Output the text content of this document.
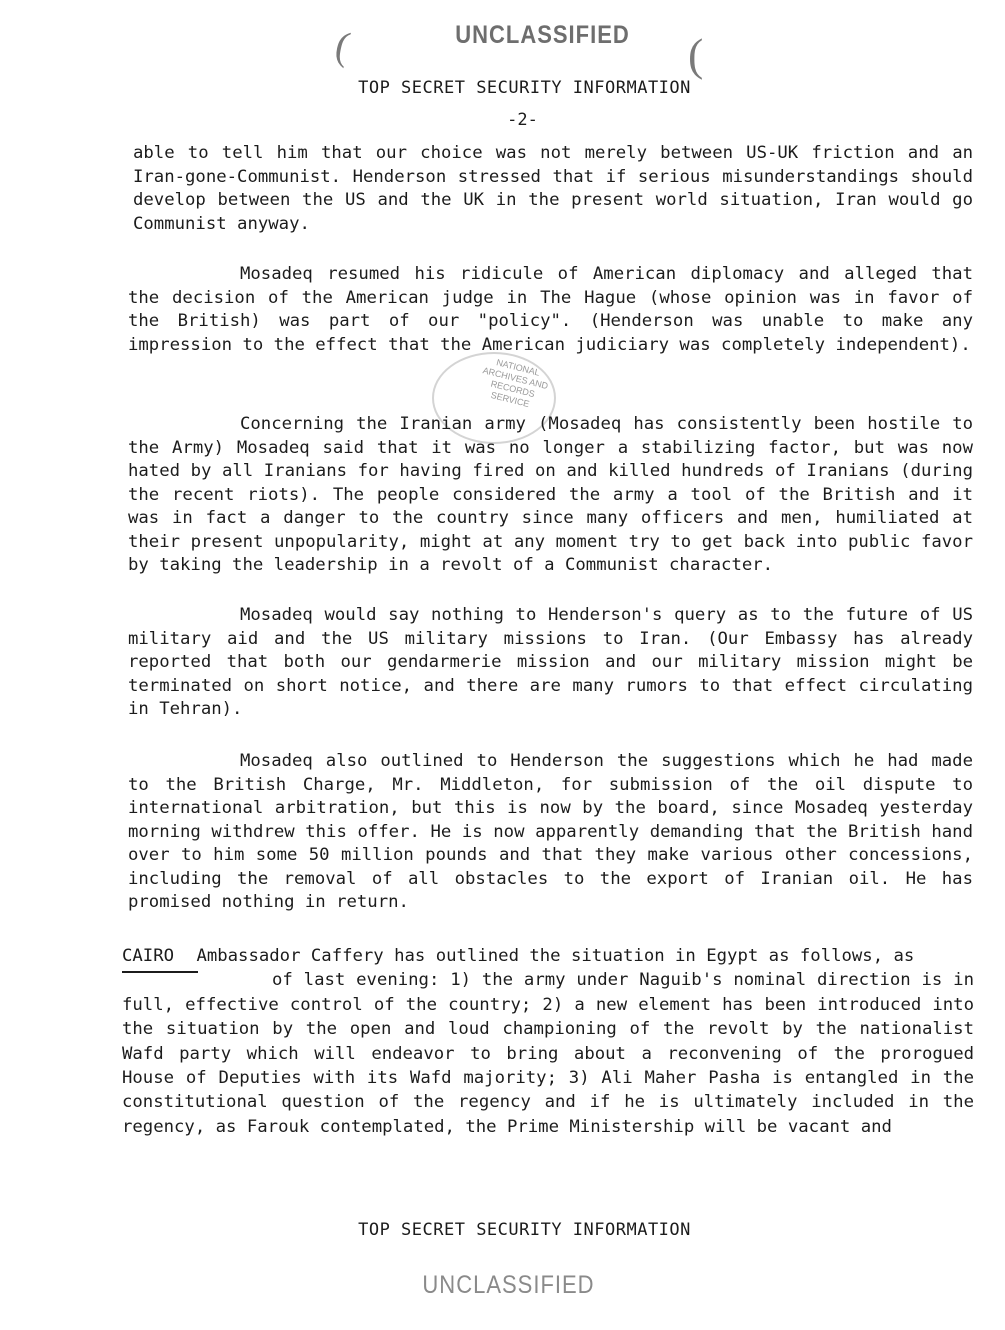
UNCLASSIFIED
(	(
TOP SECRET SECURITY INFORMATION
-2-

able to tell him that our choice was not merely between US-UK friction and an Iran-gone-Communist. Henderson stressed that if serious misunderstandings should develop between the US and the UK in the present world situation, Iran would go Communist anyway.

Mosadeq resumed his ridicule of American diplomacy and alleged that the decision of the American judge in The Hague (whose opinion was in favor of the British) was part of our "policy". (Henderson was unable to make any impression to the effect that the American judiciary was completely independent).

NATIONAL ARCHIVES AND RECORDS SERVICE

Concerning the Iranian army (Mosadeq has consistently been hostile to the Army) Mosadeq said that it was no longer a stabilizing factor, but was now hated by all Iranians for having fired on and killed hundreds of Iranians (during the recent riots). The people considered the army a tool of the British and it was in fact a danger to the country since many officers and men, humiliated at their present unpopularity, might at any moment try to get back into public favor by taking the leadership in a revolt of a Communist character.

Mosadeq would say nothing to Henderson's query as to the future of US military aid and the US military missions to Iran. (Our Embassy has already reported that both our gendarmerie mission and our military mission might be terminated on short notice, and there are many rumors to that effect circulating in Tehran).

Mosadeq also outlined to Henderson the suggestions which he had made to the British Charge, Mr. Middleton, for submission of the oil dispute to international arbitration, but this is now by the board, since Mosadeq yesterday morning withdrew this offer. He is now apparently demanding that the British hand over to him some 50 million pounds and that they make various other concessions, including the removal of all obstacles to the export of Iranian oil. He has promised nothing in return.

CAIRO Ambassador Caffery has outlined the situation in Egypt as follows, as
of last evening: 1) the army under Naguib's nominal direction is in full, effective control of the country; 2) a new element has been introduced into the situation by the open and loud championing of the revolt by the nationalist Wafd party which will endeavor to bring about a reconvening of the prorogued House of Deputies with its Wafd majority; 3) Ali Maher Pasha is entangled in the constitutional question of the regency and if he is ultimately included in the regency, as Farouk contemplated, the Prime Ministership will be vacant and

TOP SECRET SECURITY INFORMATION
UNCLASSIFIED
